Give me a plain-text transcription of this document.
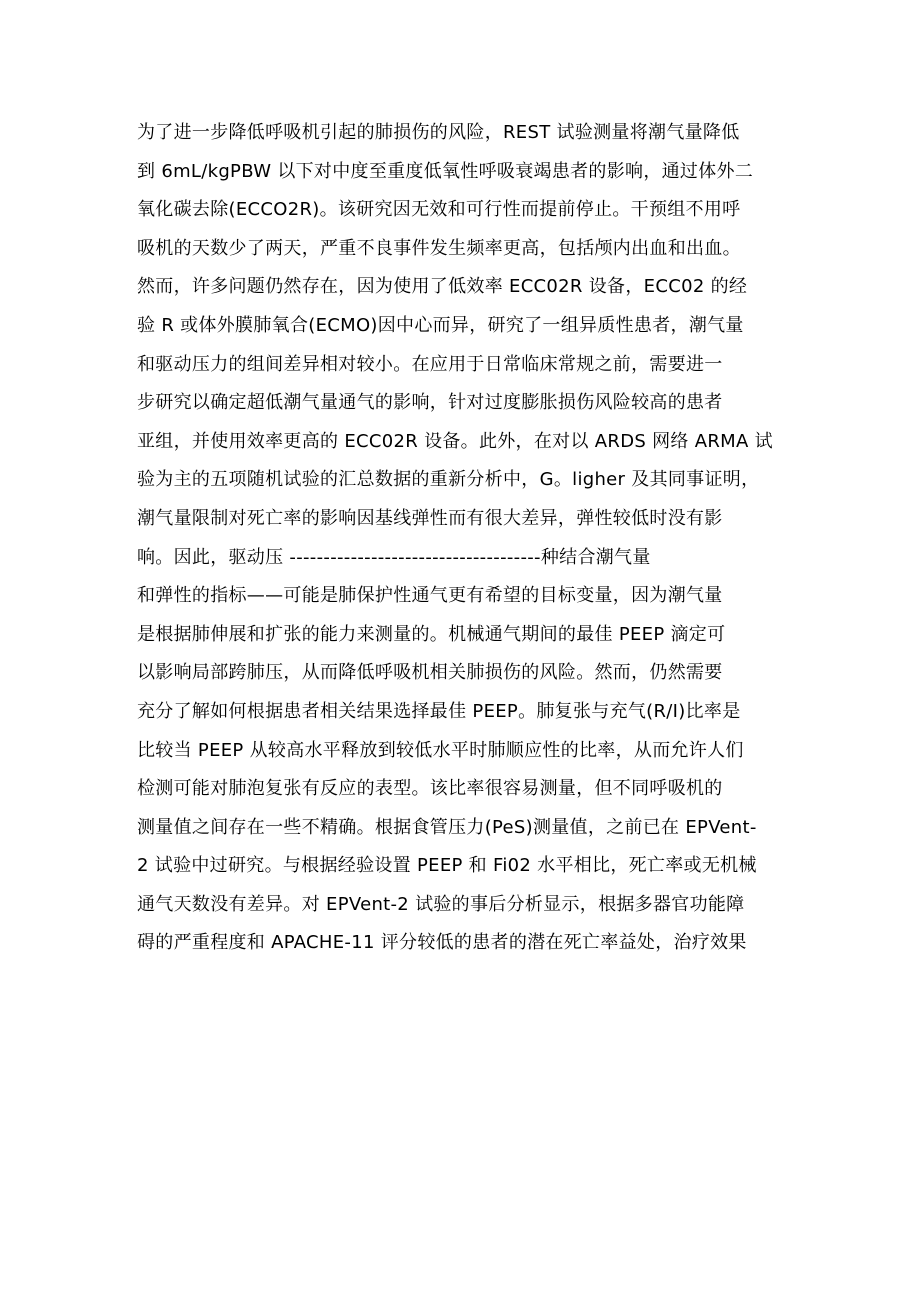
为了进一步降低呼吸机引起的肺损伤的风险，REST 试验测量将潮气量降低
到 6mL/kgPBW 以下对中度至重度低氧性呼吸衰竭患者的影响，通过体外二
氧化碳去除(ECCO2R)。该研究因无效和可行性而提前停止。干预组不用呼
吸机的天数少了两天，严重不良事件发生频率更高，包括颅内出血和出血。
然而，许多问题仍然存在，因为使用了低效率 ECC02R 设备，ECC02 的经
验 R 或体外膜肺氧合(ECMO)因中心而异，研究了一组异质性患者，潮气量
和驱动压力的组间差异相对较小。在应用于日常临床常规之前，需要进一
步研究以确定超低潮气量通气的影响，针对过度膨胀损伤风险较高的患者
亚组，并使用效率更高的 ECC02R 设备。此外，在对以 ARDS 网络 ARMA 试
验为主的五项随机试验的汇总数据的重新分析中，G。ligher 及其同事证明，
潮气量限制对死亡率的影响因基线弹性而有很大差异，弹性较低时没有影
响。因此，驱动压 -------------------------------------种结合潮气量
和弹性的指标——可能是肺保护性通气更有希望的目标变量，因为潮气量
是根据肺伸展和扩张的能力来测量的。机械通气期间的最佳 PEEP 滴定可
以影响局部跨肺压，从而降低呼吸机相关肺损伤的风险。然而，仍然需要
充分了解如何根据患者相关结果选择最佳 PEEP。肺复张与充气(R/I)比率是
比较当 PEEP 从较高水平释放到较低水平时肺顺应性的比率，从而允许人们
检测可能对肺泡复张有反应的表型。该比率很容易测量，但不同呼吸机的
测量值之间存在一些不精确。根据食管压力(PeS)测量值，之前已在 EPVent-
2 试验中过研究。与根据经验设置 PEEP 和 Fi02 水平相比，死亡率或无机械
通气天数没有差异。对 EPVent-2 试验的事后分析显示，根据多器官功能障
碍的严重程度和 APACHE-11 评分较低的患者的潜在死亡率益处，治疗效果
